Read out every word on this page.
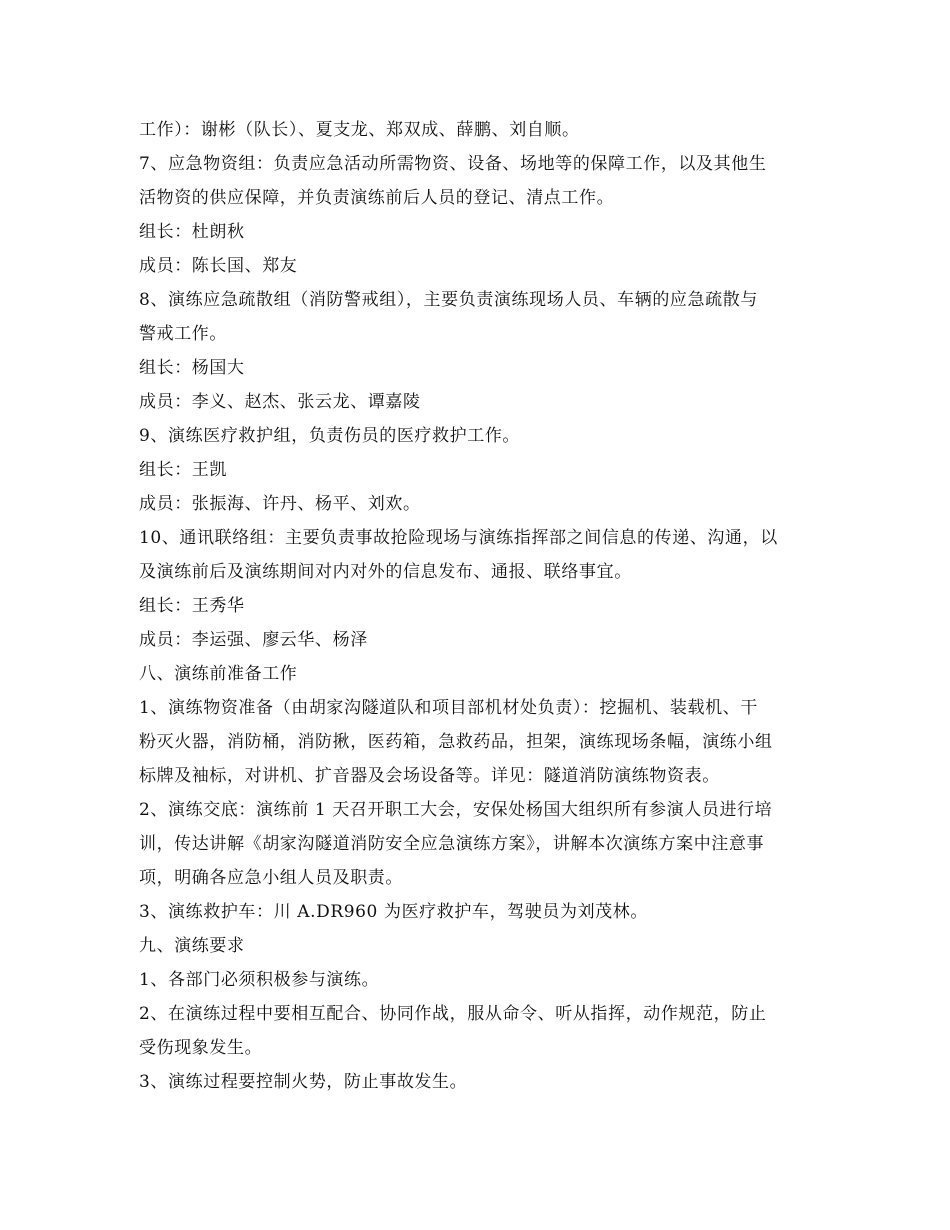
工作）：谢彬（队长）、夏支龙、郑双成、薛鹏、刘自顺。
7、应急物资组：负责应急活动所需物资、设备、场地等的保障工作，以及其他生
活物资的供应保障，并负责演练前后人员的登记、清点工作。
组长：杜朗秋
成员：陈长国、郑友
8、演练应急疏散组（消防警戒组），主要负责演练现场人员、车辆的应急疏散与
警戒工作。
组长：杨国大
成员：李义、赵杰、张云龙、谭嘉陵
9、演练医疗救护组，负责伤员的医疗救护工作。
组长：王凯
成员：张振海、许丹、杨平、刘欢。
10、通讯联络组：主要负责事故抢险现场与演练指挥部之间信息的传递、沟通，以
及演练前后及演练期间对内对外的信息发布、通报、联络事宜。
组长：王秀华
成员：李运强、廖云华、杨泽
八、演练前准备工作
1、演练物资准备（由胡家沟隧道队和项目部机材处负责）：挖掘机、装载机、干
粉灭火器，消防桶，消防揪，医药箱，急救药品，担架，演练现场条幅，演练小组
标牌及袖标，对讲机、扩音器及会场设备等。详见：隧道消防演练物资表。
2、演练交底：演练前 1 天召开职工大会，安保处杨国大组织所有参演人员进行培
训，传达讲解《胡家沟隧道消防安全应急演练方案》，讲解本次演练方案中注意事
项，明确各应急小组人员及职责。
3、演练救护车：川 A.DR960 为医疗救护车，驾驶员为刘茂林。
九、演练要求
1、各部门必须积极参与演练。
2、在演练过程中要相互配合、协同作战，服从命令、听从指挥，动作规范，防止
受伤现象发生。
3、演练过程要控制火势，防止事故发生。
